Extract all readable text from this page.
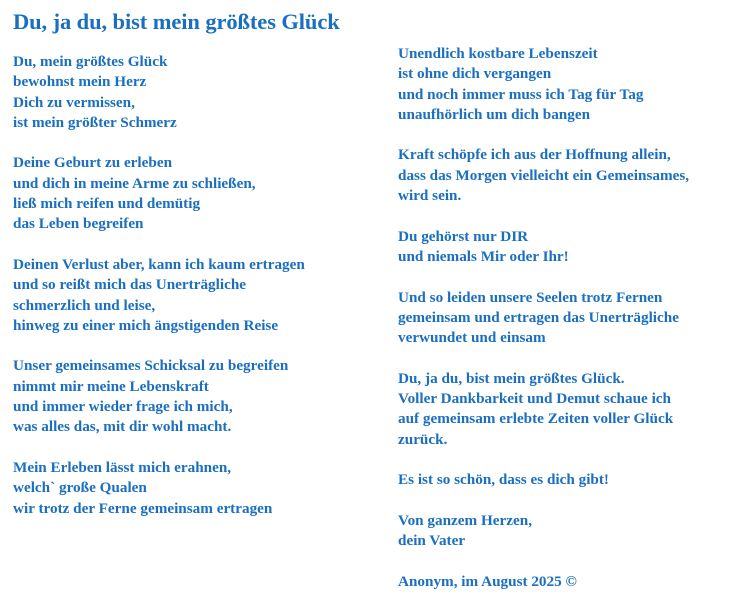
Du, ja du, bist mein größtes Glück

Du, mein größtes Glück
bewohnst mein Herz
Dich zu vermissen,
ist mein größter Schmerz

Deine Geburt zu erleben
und dich in meine Arme zu schließen,
ließ mich reifen und demütig
das Leben begreifen

Deinen Verlust aber, kann ich kaum ertragen
und so reißt mich das Unerträgliche
schmerzlich und leise,
hinweg zu einer mich ängstigenden Reise

Unser gemeinsames Schicksal zu begreifen
nimmt mir meine Lebenskraft
und immer wieder frage ich mich,
was alles das, mit dir wohl macht.

Mein Erleben lässt mich erahnen,
welch` große Qualen
wir trotz der Ferne gemeinsam ertragen

Unendlich kostbare Lebenszeit
ist ohne dich vergangen
und noch immer muss ich Tag für Tag
unaufhörlich um dich bangen

Kraft schöpfe ich aus der Hoffnung allein,
dass das Morgen vielleicht ein Gemeinsames,
wird sein.

Du gehörst nur DIR
und niemals Mir oder Ihr!

Und so leiden unsere Seelen trotz Fernen
gemeinsam und ertragen das Unerträgliche
verwundet und einsam

Du, ja du, bist mein größtes Glück.
Voller Dankbarkeit und Demut schaue ich
auf gemeinsam erlebte Zeiten voller Glück
zurück.

Es ist so schön, dass es dich gibt!

Von ganzem Herzen,
dein Vater

Anonym, im August 2025 ©
